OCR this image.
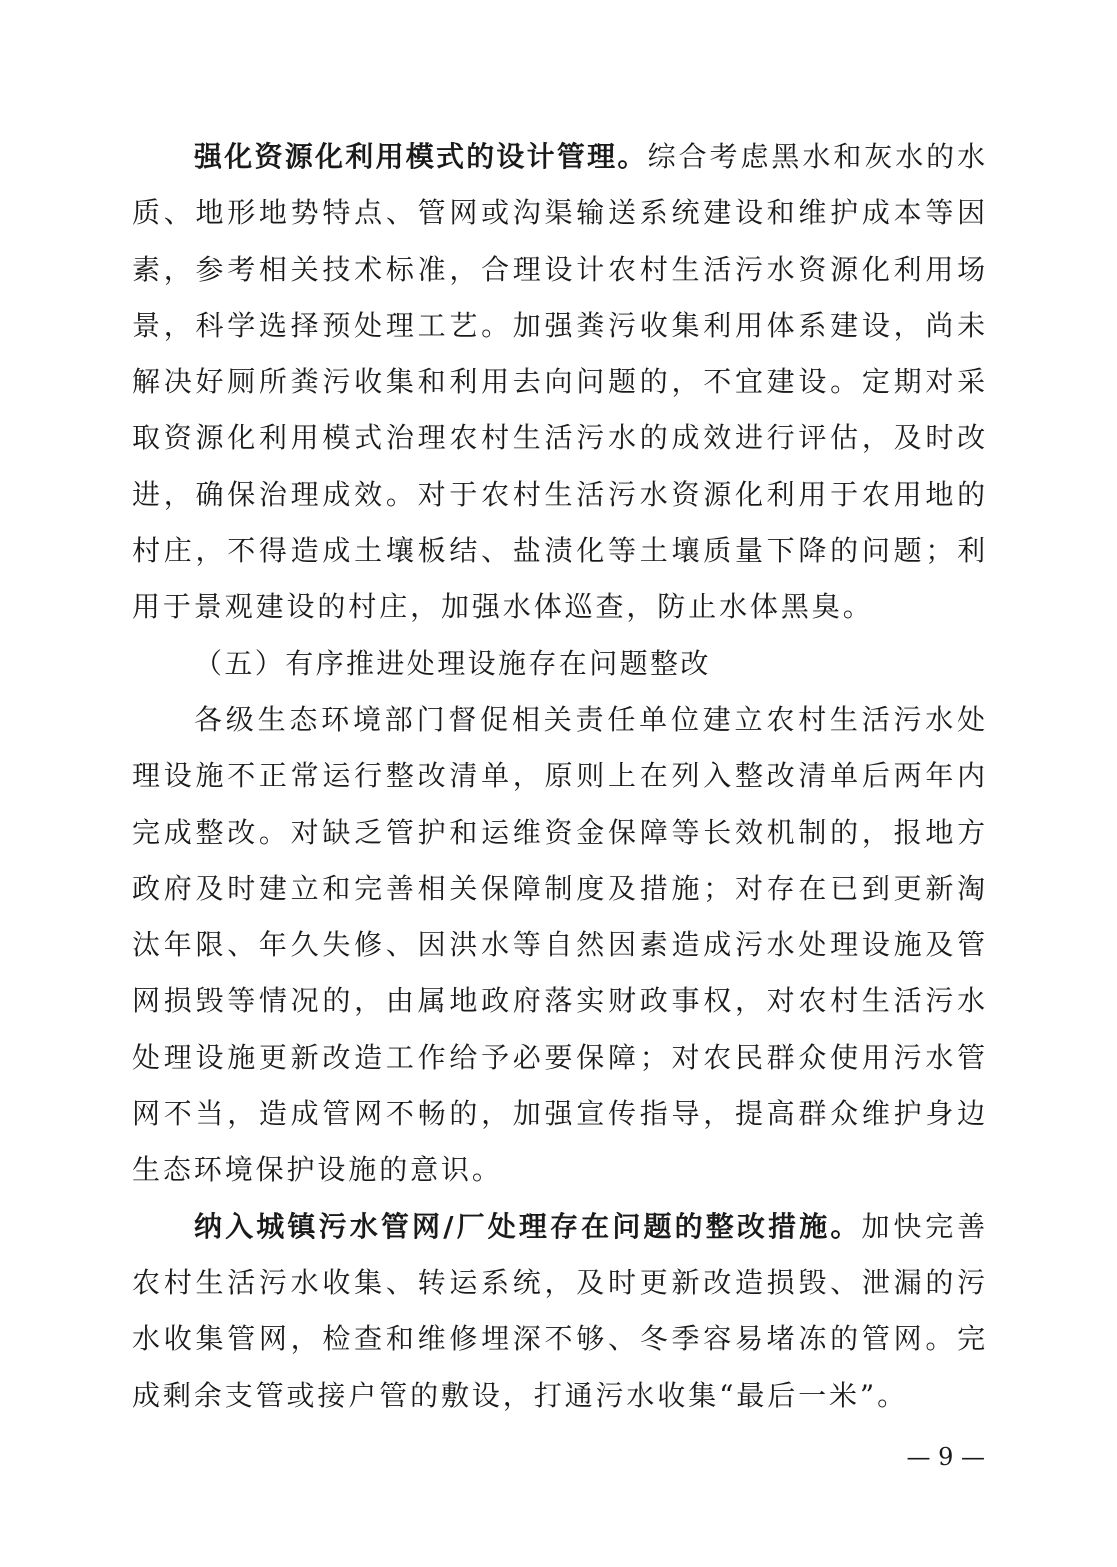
强化资源化利用模式的设计管理。综合考虑黑水和灰水的水质、地形地势特点、管网或沟渠输送系统建设和维护成本等因素，参考相关技术标准，合理设计农村生活污水资源化利用场景，科学选择预处理工艺。加强粪污收集利用体系建设，尚未解决好厕所粪污收集和利用去向问题的，不宜建设。定期对采取资源化利用模式治理农村生活污水的成效进行评估，及时改进，确保治理成效。对于农村生活污水资源化利用于农用地的村庄，不得造成土壤板结、盐渍化等土壤质量下降的问题；利用于景观建设的村庄，加强水体巡查，防止水体黑臭。

（五）有序推进处理设施存在问题整改

各级生态环境部门督促相关责任单位建立农村生活污水处理设施不正常运行整改清单，原则上在列入整改清单后两年内完成整改。对缺乏管护和运维资金保障等长效机制的，报地方政府及时建立和完善相关保障制度及措施；对存在已到更新淘汰年限、年久失修、因洪水等自然因素造成污水处理设施及管网损毁等情况的，由属地政府落实财政事权，对农村生活污水处理设施更新改造工作给予必要保障；对农民群众使用污水管网不当，造成管网不畅的，加强宣传指导，提高群众维护身边生态环境保护设施的意识。

纳入城镇污水管网/厂处理存在问题的整改措施。加快完善农村生活污水收集、转运系统，及时更新改造损毁、泄漏的污水收集管网，检查和维修埋深不够、冬季容易堵冻的管网。完成剩余支管或接户管的敷设，打通污水收集“最后一米”。

— 9 —
